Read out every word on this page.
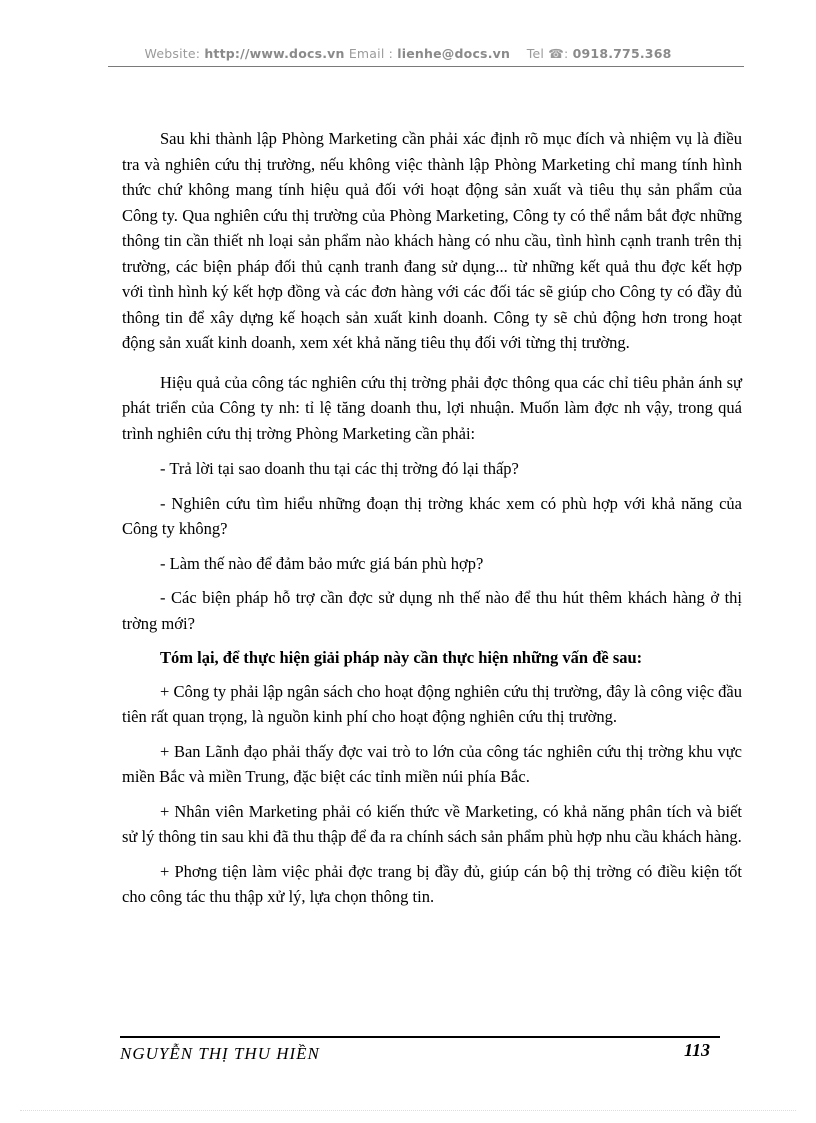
Website: http://www.docs.vn Email : lienhe@docs.vn Tel ☎: 0918.775.368

Sau khi thành lập Phòng Marketing cần phải xác định rõ mục đích và nhiệm vụ là điều tra và nghiên cứu thị trường, nếu không việc thành lập Phòng Marketing chỉ mang tính hình thức chứ không mang tính hiệu quả đối với hoạt động sản xuất và tiêu thụ sản phẩm của Công ty. Qua nghiên cứu thị trường của Phòng Marketing, Công ty có thể nắm bắt đợc những thông tin cần thiết nh loại sản phẩm nào khách hàng có nhu cầu, tình hình cạnh tranh trên thị trường, các biện pháp đối thủ cạnh tranh đang sử dụng... từ những kết quả thu đợc kết hợp với tình hình ký kết hợp đồng và các đơn hàng với các đối tác sẽ giúp cho Công ty có đầy đủ thông tin để xây dựng kế hoạch sản xuất kinh doanh. Công ty sẽ chủ động hơn trong hoạt động sản xuất kinh doanh, xem xét khả năng tiêu thụ đối với từng thị trường.

Hiệu quả của công tác nghiên cứu thị trờng phải đợc thông qua các chỉ tiêu phản ánh sự phát triển của Công ty nh: tỉ lệ tăng doanh thu, lợi nhuận. Muốn làm đợc nh vậy, trong quá trình nghiên cứu thị trờng Phòng Marketing cần phải:

- Trả lời tại sao doanh thu tại các thị trờng đó lại thấp?

- Nghiên cứu tìm hiểu những đoạn thị trờng khác xem có phù hợp với khả năng của Công ty không?

- Làm thế nào để đảm bảo mức giá bán phù hợp?

- Các biện pháp hỗ trợ cần đợc sử dụng nh thế nào để thu hút thêm khách hàng ở thị trờng mới?

Tóm lại, để thực hiện giải pháp này cần thực hiện những vấn đề sau:

+ Công ty phải lập ngân sách cho hoạt động nghiên cứu thị trường, đây là công việc đầu tiên rất quan trọng, là nguồn kinh phí cho hoạt động nghiên cứu thị trường.

+ Ban Lãnh đạo phải thấy đợc vai trò to lớn của công tác nghiên cứu thị trờng khu vực miền Bắc và miền Trung, đặc biệt các tỉnh miền núi phía Bắc.

+ Nhân viên Marketing phải có kiến thức về Marketing, có khả năng phân tích và biết sử lý thông tin sau khi đã thu thập để đa ra chính sách sản phẩm phù hợp nhu cầu khách hàng.

+ Phơng tiện làm việc phải đợc trang bị đầy đủ, giúp cán bộ thị trờng có điều kiện tốt cho công tác thu thập xử lý, lựa chọn thông tin.

NGUYỄN THỊ THU HIỀN	113
